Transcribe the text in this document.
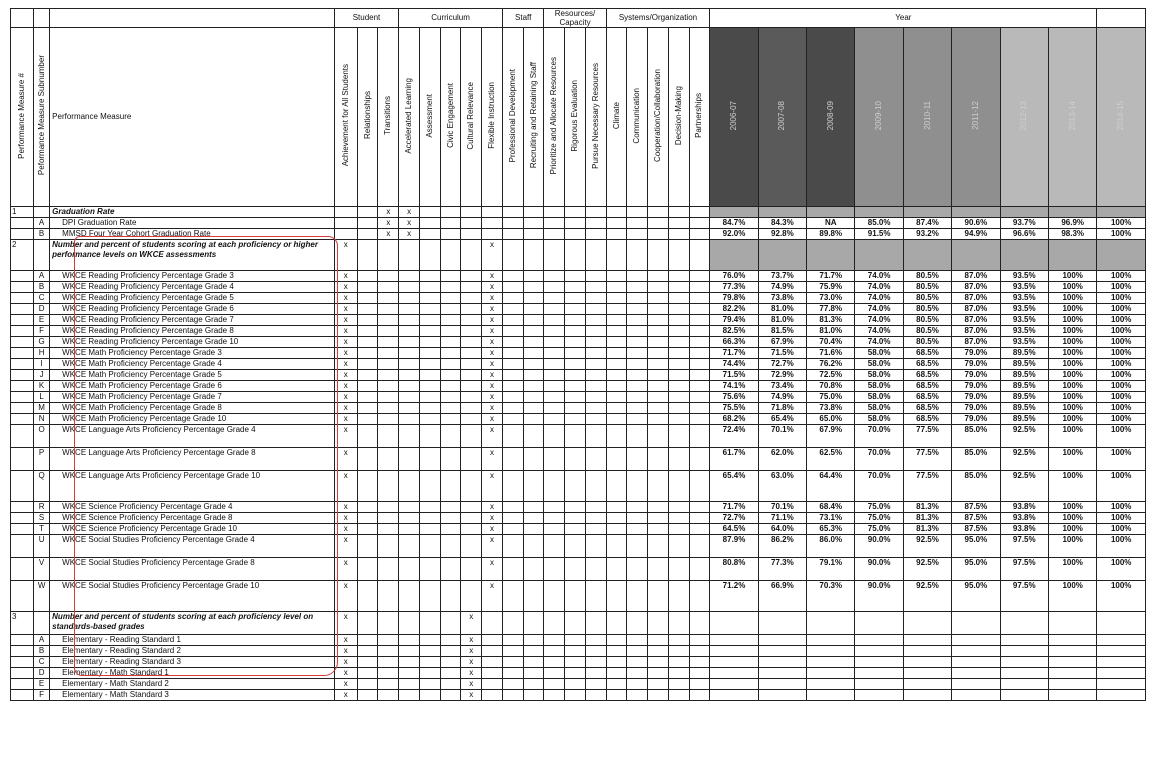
			Student			Curriculum					Staff		Resources/ Capacity			Systems/Organization					Year								
Performance Measure #	Peformance Measure Subnumber	Performance Measure	Achievement for All Students	Relationships	Transitions	Accelerated Learning	Assessment	Civic Engagement	Cultural Relevance	Flexible Instruction	Professional Development	Recruiting and Retaining Staff	Prioritize and Allocate Resources	Rigorous Evaluation	Pursue Necessary Resources	Climate	Communication	Cooperation/Collaboration	Decision-Making	Partnerships	2006-07	2007-08	2008-09	2009-10	2010-11	2011-12	2012-13	2013-14	2014-15
1		Graduation Rate			x	x																							
	A	DPI Graduation Rate			x	x															84.7%	84.3%	NA	85.0%	87.4%	90.6%	93.7%	96.9%	100%
	B	MMSD Four Year Cohort Graduation Rate			x	x															92.0%	92.8%	89.8%	91.5%	93.2%	94.9%	96.6%	98.3%	100%
2		Number and percent of students scoring at each proficiency or higher performance levels on WKCE assessments	x							x																			
	A	WKCE Reading Proficiency Percentage Grade 3	x							x											76.0%	73.7%	71.7%	74.0%	80.5%	87.0%	93.5%	100%	100%
	B	WKCE Reading Proficiency Percentage Grade 4	x							x											77.3%	74.9%	75.9%	74.0%	80.5%	87.0%	93.5%	100%	100%
	C	WKCE Reading Proficiency Percentage Grade 5	x							x											79.8%	73.8%	73.0%	74.0%	80.5%	87.0%	93.5%	100%	100%
	D	WKCE Reading Proficiency Percentage Grade 6	x							x											82.2%	81.0%	77.8%	74.0%	80.5%	87.0%	93.5%	100%	100%
	E	WKCE Reading Proficiency Percentage Grade 7	x							x											79.4%	81.0%	81.3%	74.0%	80.5%	87.0%	93.5%	100%	100%
	F	WKCE Reading Proficiency Percentage Grade 8	x							x											82.5%	81.5%	81.0%	74.0%	80.5%	87.0%	93.5%	100%	100%
	G	WKCE Reading Proficiency Percentage Grade 10	x							x											66.3%	67.9%	70.4%	74.0%	80.5%	87.0%	93.5%	100%	100%
	H	WKCE Math Proficiency Percentage Grade 3	x							x											71.7%	71.5%	71.6%	58.0%	68.5%	79.0%	89.5%	100%	100%
	I	WKCE Math Proficiency Percentage Grade 4	x							x											74.4%	72.7%	76.2%	58.0%	68.5%	79.0%	89.5%	100%	100%
	J	WKCE Math Proficiency Percentage Grade 5	x							x											71.5%	72.9%	72.5%	58.0%	68.5%	79.0%	89.5%	100%	100%
	K	WKCE Math Proficiency Percentage Grade 6	x							x											74.1%	73.4%	70.8%	58.0%	68.5%	79.0%	89.5%	100%	100%
	L	WKCE Math Proficiency Percentage Grade 7	x							x											75.6%	74.9%	75.0%	58.0%	68.5%	79.0%	89.5%	100%	100%
	M	WKCE Math Proficiency Percentage Grade 8	x							x											75.5%	71.8%	73.8%	58.0%	68.5%	79.0%	89.5%	100%	100%
	N	WKCE Math Proficiency Percentage Grade 10	x							x											68.2%	65.4%	65.0%	58.0%	68.5%	79.0%	89.5%	100%	100%
	O	WKCE Language Arts Proficiency Percentage Grade 4	x							x											72.4%	70.1%	67.9%	70.0%	77.5%	85.0%	92.5%	100%	100%
	P	WKCE Language Arts Proficiency Percentage Grade 8	x							x											61.7%	62.0%	62.5%	70.0%	77.5%	85.0%	92.5%	100%	100%
	Q	WKCE Language Arts Proficiency Percentage Grade 10	x							x											65.4%	63.0%	64.4%	70.0%	77.5%	85.0%	92.5%	100%	100%
	R	WKCE Science Proficiency Percentage Grade 4	x							x											71.7%	70.1%	68.4%	75.0%	81.3%	87.5%	93.8%	100%	100%
	S	WKCE Science Proficiency Percentage Grade 8	x							x											72.7%	71.1%	73.1%	75.0%	81.3%	87.5%	93.8%	100%	100%
	T	WKCE Science Proficiency Percentage Grade 10	x							x											64.5%	64.0%	65.3%	75.0%	81.3%	87.5%	93.8%	100%	100%
	U	WKCE Social Studies Proficiency Percentage Grade 4	x							x											87.9%	86.2%	86.0%	90.0%	92.5%	95.0%	97.5%	100%	100%
	V	WKCE Social Studies Proficiency Percentage Grade 8	x							x											80.8%	77.3%	79.1%	90.0%	92.5%	95.0%	97.5%	100%	100%
	W	WKCE Social Studies Proficiency Percentage Grade 10	x							x											71.2%	66.9%	70.3%	90.0%	92.5%	95.0%	97.5%	100%	100%
3		Number and percent of students scoring at each proficiency level on standards-based grades	x						x																				
	A	Elementary - Reading Standard 1	x						x																				
	B	Elementary - Reading Standard 2	x						x																				
	C	Elementary - Reading Standard 3	x						x																				
	D	Elementary - Math Standard 1	x						x																				
	E	Elementary - Math Standard 2	x						x																				
	F	Elementary - Math Standard 3	x						x																				
